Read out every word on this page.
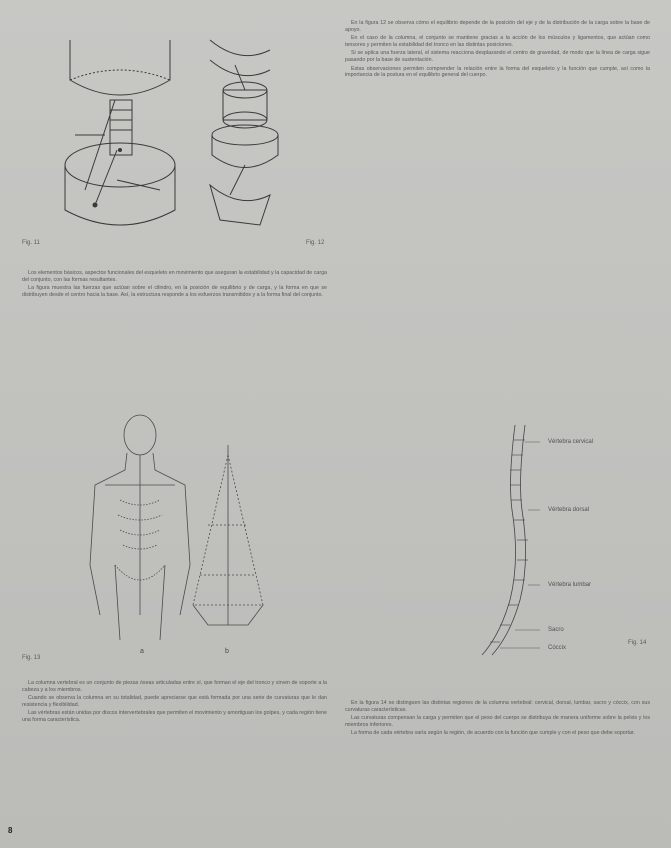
Fig. 11	Fig. 12

Los elementos básicos, aspectos funcionales del esqueleto en movimiento que aseguran la estabilidad y la capacidad de carga del conjunto, con las formas resultantes.

La figura muestra las fuerzas que actúan sobre el cilindro, en la posición de equilibrio y de carga, y la forma en que se distribuyen desde el centro hacia la base. Así, la estructura responde a los esfuerzos transmitidos y a la forma final del conjunto.

a	b
Fig. 13

La columna vertebral es un conjunto de piezas óseas articuladas entre sí, que forman el eje del tronco y sirven de soporte a la cabeza y a los miembros.

Cuando se observa la columna en su totalidad, puede apreciarse que está formada por una serie de curvaturas que le dan resistencia y flexibilidad.

Las vértebras están unidas por discos intervertebrales que permiten el movimiento y amortiguan los golpes, y cada región tiene una forma característica.

En la figura 12 se observa cómo el equilibrio depende de la posición del eje y de la distribución de la carga sobre la base de apoyo.

En el caso de la columna, el conjunto se mantiene gracias a la acción de los músculos y ligamentos, que actúan como tensores y permiten la estabilidad del tronco en las distintas posiciones.

Si se aplica una fuerza lateral, el sistema reacciona desplazando el centro de gravedad, de modo que la línea de carga sigue pasando por la base de sustentación.

Estas observaciones permiten comprender la relación entre la forma del esqueleto y la función que cumple, así como la importancia de la postura en el equilibrio general del cuerpo.

Vértebra cervical
Vértebra dorsal
Vértebra lumbar
Sacro
Cóccix
Fig. 14

En la figura 14 se distinguen las distintas regiones de la columna vertebral: cervical, dorsal, lumbar, sacro y cóccix, con sus curvaturas características.

Las curvaturas compensan la carga y permiten que el peso del cuerpo se distribuya de manera uniforme sobre la pelvis y los miembros inferiores.

La forma de cada vértebra varía según la región, de acuerdo con la función que cumple y con el peso que debe soportar.

8
